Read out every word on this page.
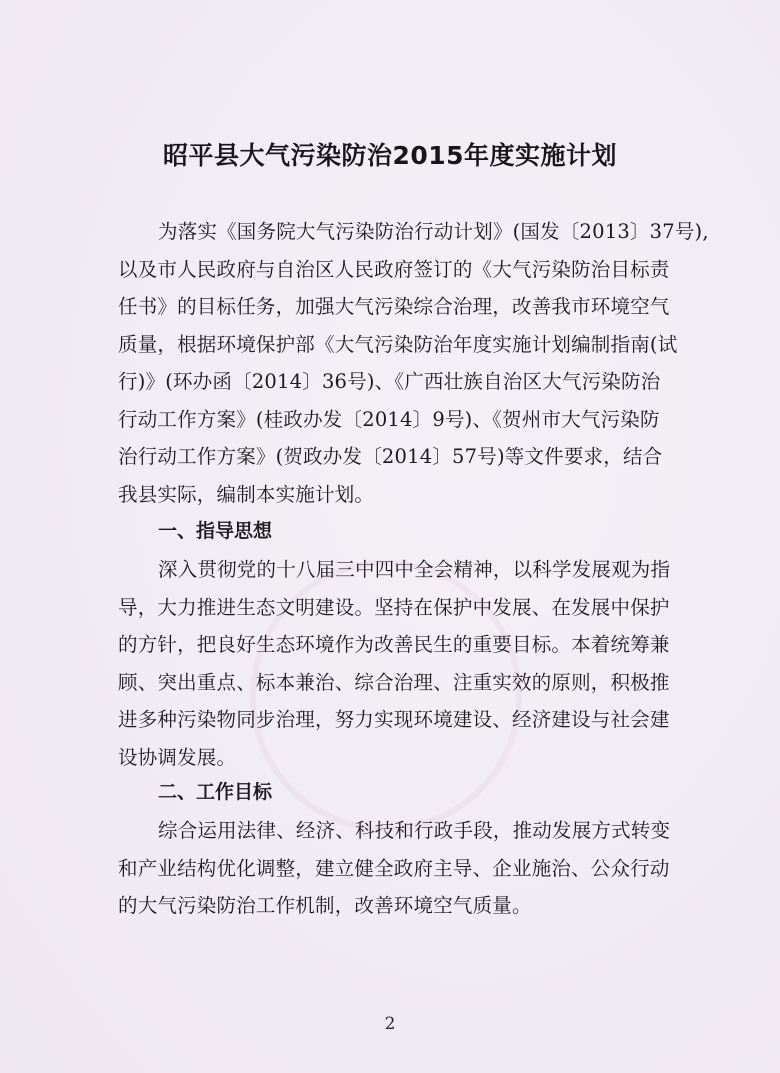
昭平县大气污染防治2015年度实施计划
为落实《国务院大气污染防治行动计划》(国发〔2013〕37号),
以及市人民政府与自治区人民政府签订的《大气污染防治目标责
任书》的目标任务，加强大气污染综合治理，改善我市环境空气
质量，根据环境保护部《大气污染防治年度实施计划编制指南(试
行)》(环办函〔2014〕36号)、《广西壮族自治区大气污染防治
行动工作方案》(桂政办发〔2014〕9号)、《贺州市大气污染防
治行动工作方案》(贺政办发〔2014〕57号)等文件要求，结合
我县实际，编制本实施计划。
一、指导思想
深入贯彻党的十八届三中四中全会精神，以科学发展观为指
导，大力推进生态文明建设。坚持在保护中发展、在发展中保护
的方针，把良好生态环境作为改善民生的重要目标。本着统筹兼
顾、突出重点、标本兼治、综合治理、注重实效的原则，积极推
进多种污染物同步治理，努力实现环境建设、经济建设与社会建
设协调发展。
二、工作目标
综合运用法律、经济、科技和行政手段，推动发展方式转变
和产业结构优化调整，建立健全政府主导、企业施治、公众行动
的大气污染防治工作机制，改善环境空气质量。
2
